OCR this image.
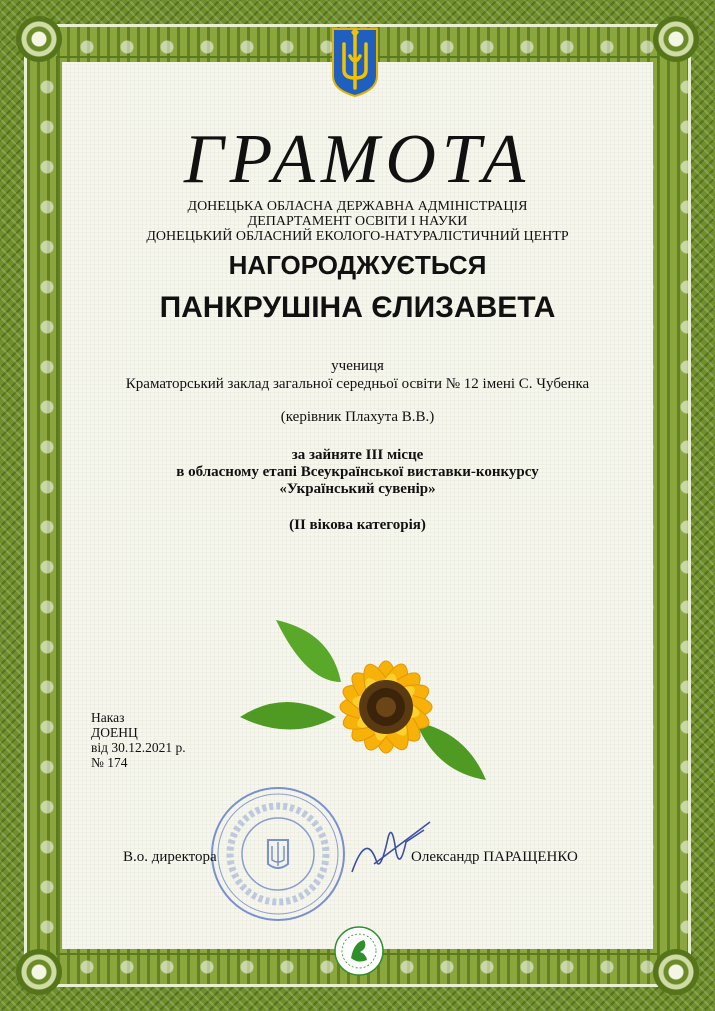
ГРАМОТА
ДОНЕЦЬКА ОБЛАСНА ДЕРЖАВНА АДМІНІСТРАЦІЯ
ДЕПАРТАМЕНТ ОСВІТИ І НАУКИ
ДОНЕЦЬКИЙ ОБЛАСНИЙ ЕКОЛОГО-НАТУРАЛІСТИЧНИЙ ЦЕНТР
НАГОРОДЖУЄТЬСЯ
ПАНКРУШІНА ЄЛИЗАВЕТА
учениця
Краматорський заклад загальної середньої освіти № 12 імені С. Чубенка
(керівник Плахута В.В.)
за зайняте ІІІ місце
в обласному етапі Всеукраїнської виставки-конкурсу
«Український сувенір»
(ІІ вікова категорія)
Наказ
ДОЕНЦ
від 30.12.2021 р.
№ 174
В.о. директора	Олександр ПАРАЩЕНКО
